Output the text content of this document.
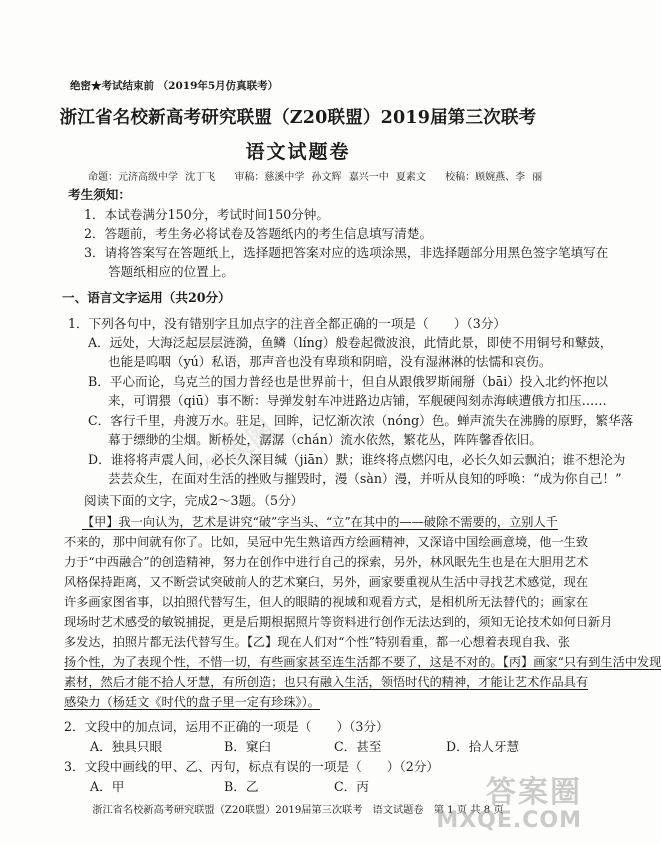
绝密★考试结束前 （2019年5月仿真联考）
浙江省名校新高考研究联盟（Z20联盟）2019届第三次联考
语文试题卷
命题：元济高级中学 沈丁飞 审稿：慈溪中学 孙文辉 嘉兴一中 夏素文 校稿：顾婉燕、李 丽
考生须知：
1．本试卷满分150分，考试时间150分钟。
2．答题前，考生务必将试卷及答题纸内的考生信息填写清楚。
3．请将答案写在答题纸上，选择题把答案对应的选项涂黑，非选择题部分用黑色签字笔填写在
答题纸相应的位置上。
一、语言文字运用（共20分）
1．下列各句中，没有错别字且加点字的注音全都正确的一项是（　　）（3分）
A．远处，大海泛起层层涟漪，鱼鳞（líng）般卷起微波浪，此情此景，即使不用铜号和鼙鼓，
也能是呜咽（yú）私语，那声音也没有卑琐和阴暗，没有湿淋淋的怯懦和哀伤。
B．平心而论，乌克兰的国力普经也是世界前十，但自从跟俄罗斯闹掰（bāi）投入北约怀抱以
来，可谓猥（qiū）事不断：导弹发射车冲进路边店铺，军舰硬闯刻赤海峡遭俄方扣压……
C．客行千里，舟渡万水。驻足，回眸，记忆渐次浓（nóng）色。蝉声流失在沸腾的原野，繁华落
幕于缥缈的尘烟。断桥处，潺潺（chán）流水依然，繁花丛，阵阵馨香依旧。
D．谁将将声震人间，必长久深目缄（jiān）默；谁终将点燃闪电，必长久如云飘泊；谁不想沦为
芸芸众生，在面对生活的挫败与摧毁时，漫（sàn）漫，并听从良知的呼唤：“成为你自己！”
阅读下面的文字，完成2～3题。（5分）
【甲】我一向认为，艺术是讲究“破”字当头、“立”在其中的——破除不需要的，立别人千
不来的，那中间就有你了。比如，吴冠中先生熟谙西方绘画精神，又深谙中国绘画意境，他一生致
力于“中西融合”的创造精神，努力在创作中进行自己的探索，另外，林风眠先生也是在大胆用艺术
风格保持距离，又不断尝试突破前人的艺术窠臼，另外，画家要重视从生活中寻找艺术感觉，现在
许多画家图省事，以拍照代替写生，但人的眼睛的视域和观看方式，是相机所无法替代的；画家在
现场时艺术感受的敏锐捕捉，更是后期根据照片等资料进行创作无法达到的，须知无论技术如何日新月
多发达，拍照片都无法代替写生。【乙】现在人们对“个性”特别看重，都一心想着表现自我、张
扬个性，为了表现个性，不惜一切，有些画家甚至连生活都不要了，这是不对的。【丙】画家“只有到生活中发现
素材，然后才能不拾人牙慧，有所创造；也只有融入生活，领悟时代的精神，才能让艺术作品具有
感染力（杨廷文《时代的盘子里一定有珍珠》）。
2．文段中的加点词，运用不正确的一项是（　　）（3分）
A．独具只眼	B．窠臼	C．甚至	D．拾人牙慧
3．文段中画线的甲、乙、丙句，标点有误的一项是（　　）（2分）
A．甲	B．乙	C．丙
浙江省名校新高考研究联盟（Z20联盟）2019届第三次联考　语文试题卷　第 1 页 共 8 页
答案圈
答案圈
MXQE.COM
